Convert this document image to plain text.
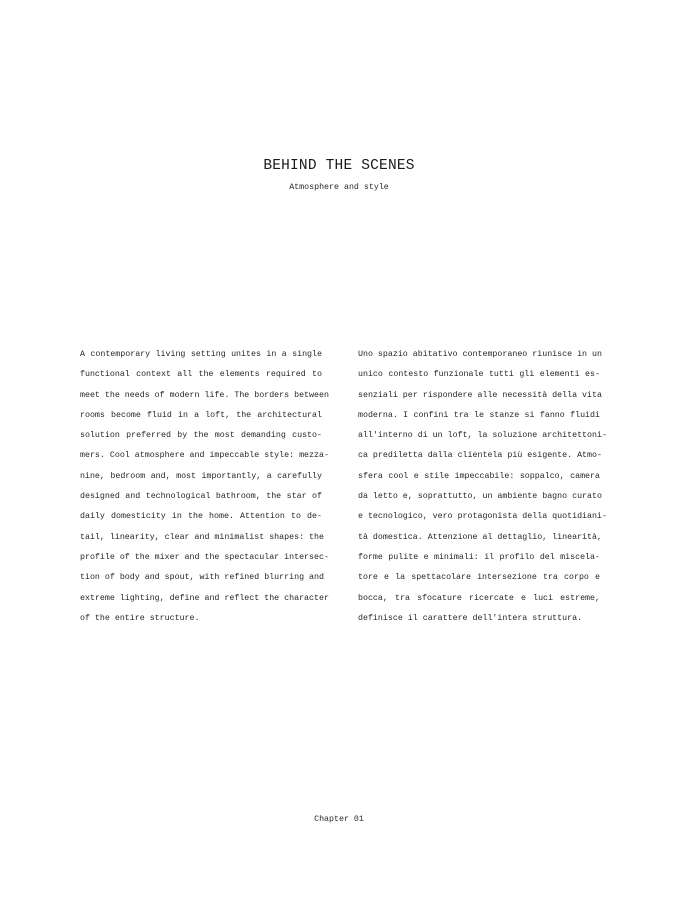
BEHIND THE SCENES
Atmosphere and style
A contemporary living setting unites in a single
functional context all the elements required to
meet the needs of modern life. The borders between
rooms become fluid in a loft, the architectural
solution preferred by the most demanding custo-
mers. Cool atmosphere and impeccable style: mezza-
nine, bedroom and, most importantly, a carefully
designed and technological bathroom, the star of
daily domesticity in the home. Attention to de-
tail, linearity, clear and minimalist shapes: the
profile of the mixer and the spectacular intersec-
tion of body and spout, with refined blurring and
extreme lighting, define and reflect the character
of the entire structure.
Uno spazio abitativo contemporaneo riunisce in un
unico contesto funzionale tutti gli elementi es-
senziali per rispondere alle necessità della vita
moderna. I confini tra le stanze si fanno fluidi
all'interno di un loft, la soluzione architettoni-
ca prediletta dalla clientela più esigente. Atmo-
sfera cool e stile impeccabile: soppalco, camera
da letto e, soprattutto, un ambiente bagno curato
e tecnologico, vero protagonista della quotidiani-
tà domestica. Attenzione al dettaglio, linearità,
forme pulite e minimali: il profilo del miscela-
tore e la spettacolare intersezione tra corpo e
bocca, tra sfocature ricercate e luci estreme,
definisce il carattere dell'intera struttura.
Chapter 01
